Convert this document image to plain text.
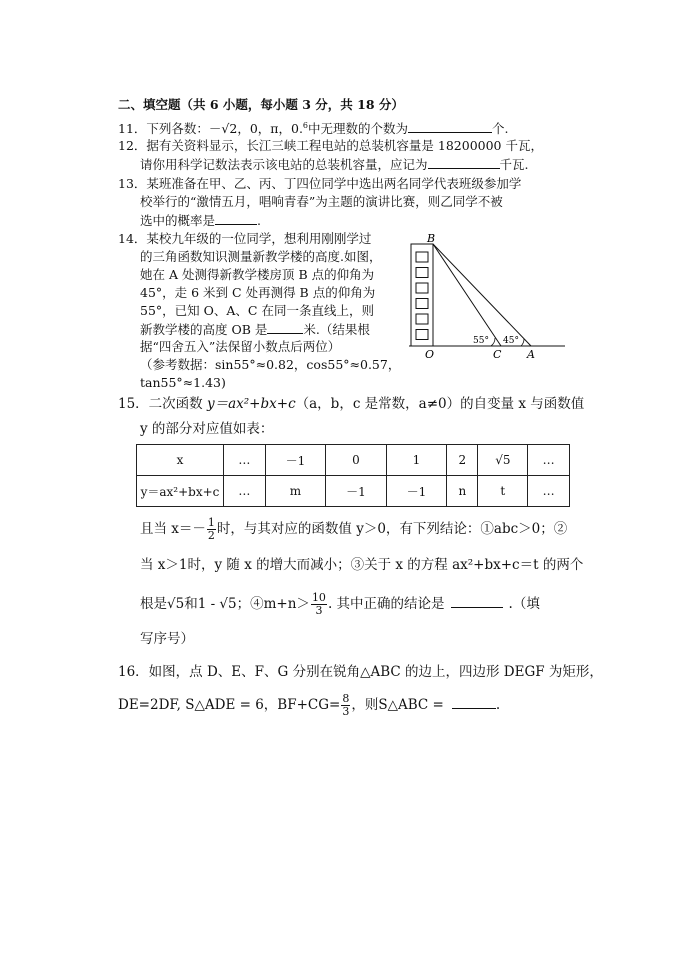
二、填空题（共 6 小题，每小题 3 分，共 18 分）
11．下列各数：－√2，0，π，0.$^6$中无理数的个数为	个.
12．据有关资料显示，长江三峡工程电站的总装机容量是 18200000 千瓦，
请你用科学记数法表示该电站的总装机容量，应记为	千瓦.
13．某班准备在甲、乙、丙、丁四位同学中选出两名同学代表班级参加学
校举行的“激情五月，唱响青春”为主题的演讲比赛，则乙同学不被
选中的概率是	.
14．某校九年级的一位同学，想利用刚刚学过
的三角函数知识测量新教学楼的高度.如图，
她在 A 处测得新教学楼房顶 B 点的仰角为
45°，走 6 米到 C 处再测得 B 点的仰角为
55°，已知 O、A、C 在同一条直线上，则
新教学楼的高度 OB 是	米.（结果根
据“四舍五入”法保留小数点后两位）
（参考数据：sin55°≈0.82，cos55°≈0.57，
tan55°≈1.43)
B
O	C A
55° 45°
15．二次函数 y＝ax²+bx+c（a，b，c 是常数，a≠0）的自变量 x 与函数值
y 的部分对应值如表：
x	…	－1	0	1	2	√5	…
y＝ax²+bx+c	…	m	－1	－1	n	t	…
且当 $x=- \frac{1}{2}$ 时，与其对应的函数值 y＞0，有下列结论：①abc＞0；②
当 x＞1时，y 随 x 的增大而减小；③关于 x 的方程 ax²+bx+c＝t 的两个
根是√5和1 - √5；④m+n＞ $\frac{10}{3}$ . 其中正确的结论是	.（填
写序号）
16．如图，点 D、E、F、G 分别在锐角△ABC 的边上，四边形 DEGF 为矩形，
DE=2DF, S△ADE = 6，$BF+CG= \frac{8}{3}$ ，则S△ABC =	.
